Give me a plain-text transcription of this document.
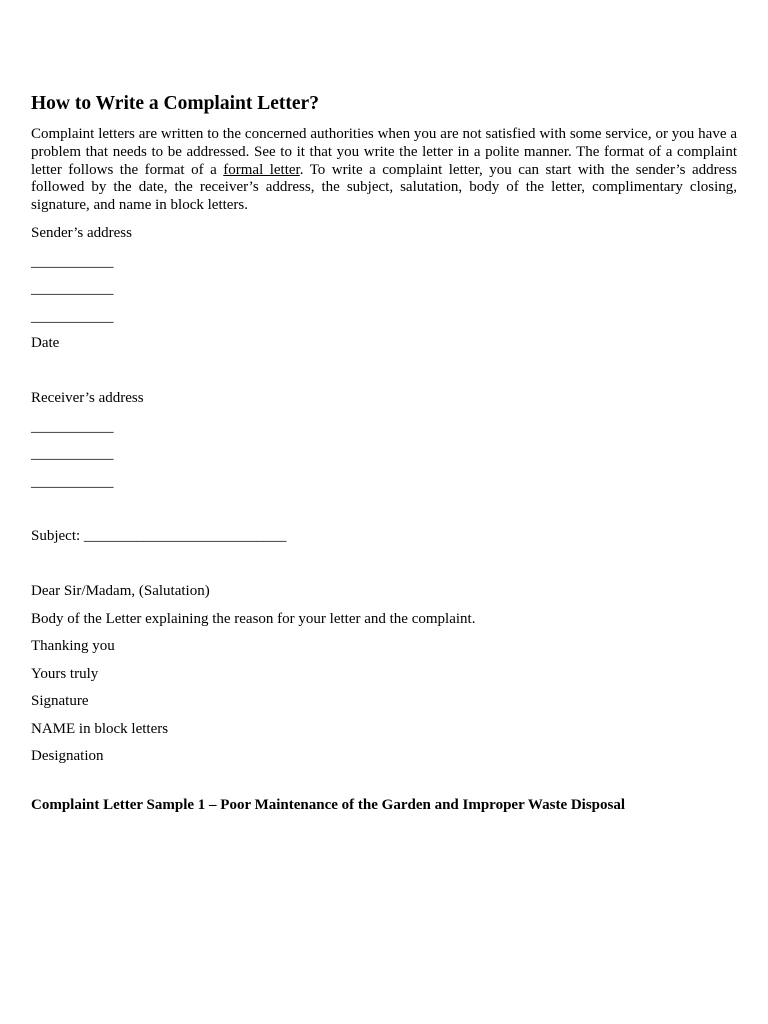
How to Write a Complaint Letter?

Complaint letters are written to the concerned authorities when you are not satisfied with some service, or you have a problem that needs to be addressed. See to it that you write the letter in a polite manner. The format of a complaint letter follows the format of a formal letter. To write a complaint letter, you can start with the sender’s address followed by the date, the receiver’s address, the subject, salutation, body of the letter, complimentary closing, signature, and name in block letters.

Sender’s address
___________
___________
___________
Date
Receiver’s address
___________
___________
___________
Subject: ___________________________
Dear Sir/Madam, (Salutation)
Body of the Letter explaining the reason for your letter and the complaint.
Thanking you
Yours truly
Signature
NAME in block letters
Designation
Complaint Letter Sample 1 – Poor Maintenance of the Garden and Improper Waste Disposal
